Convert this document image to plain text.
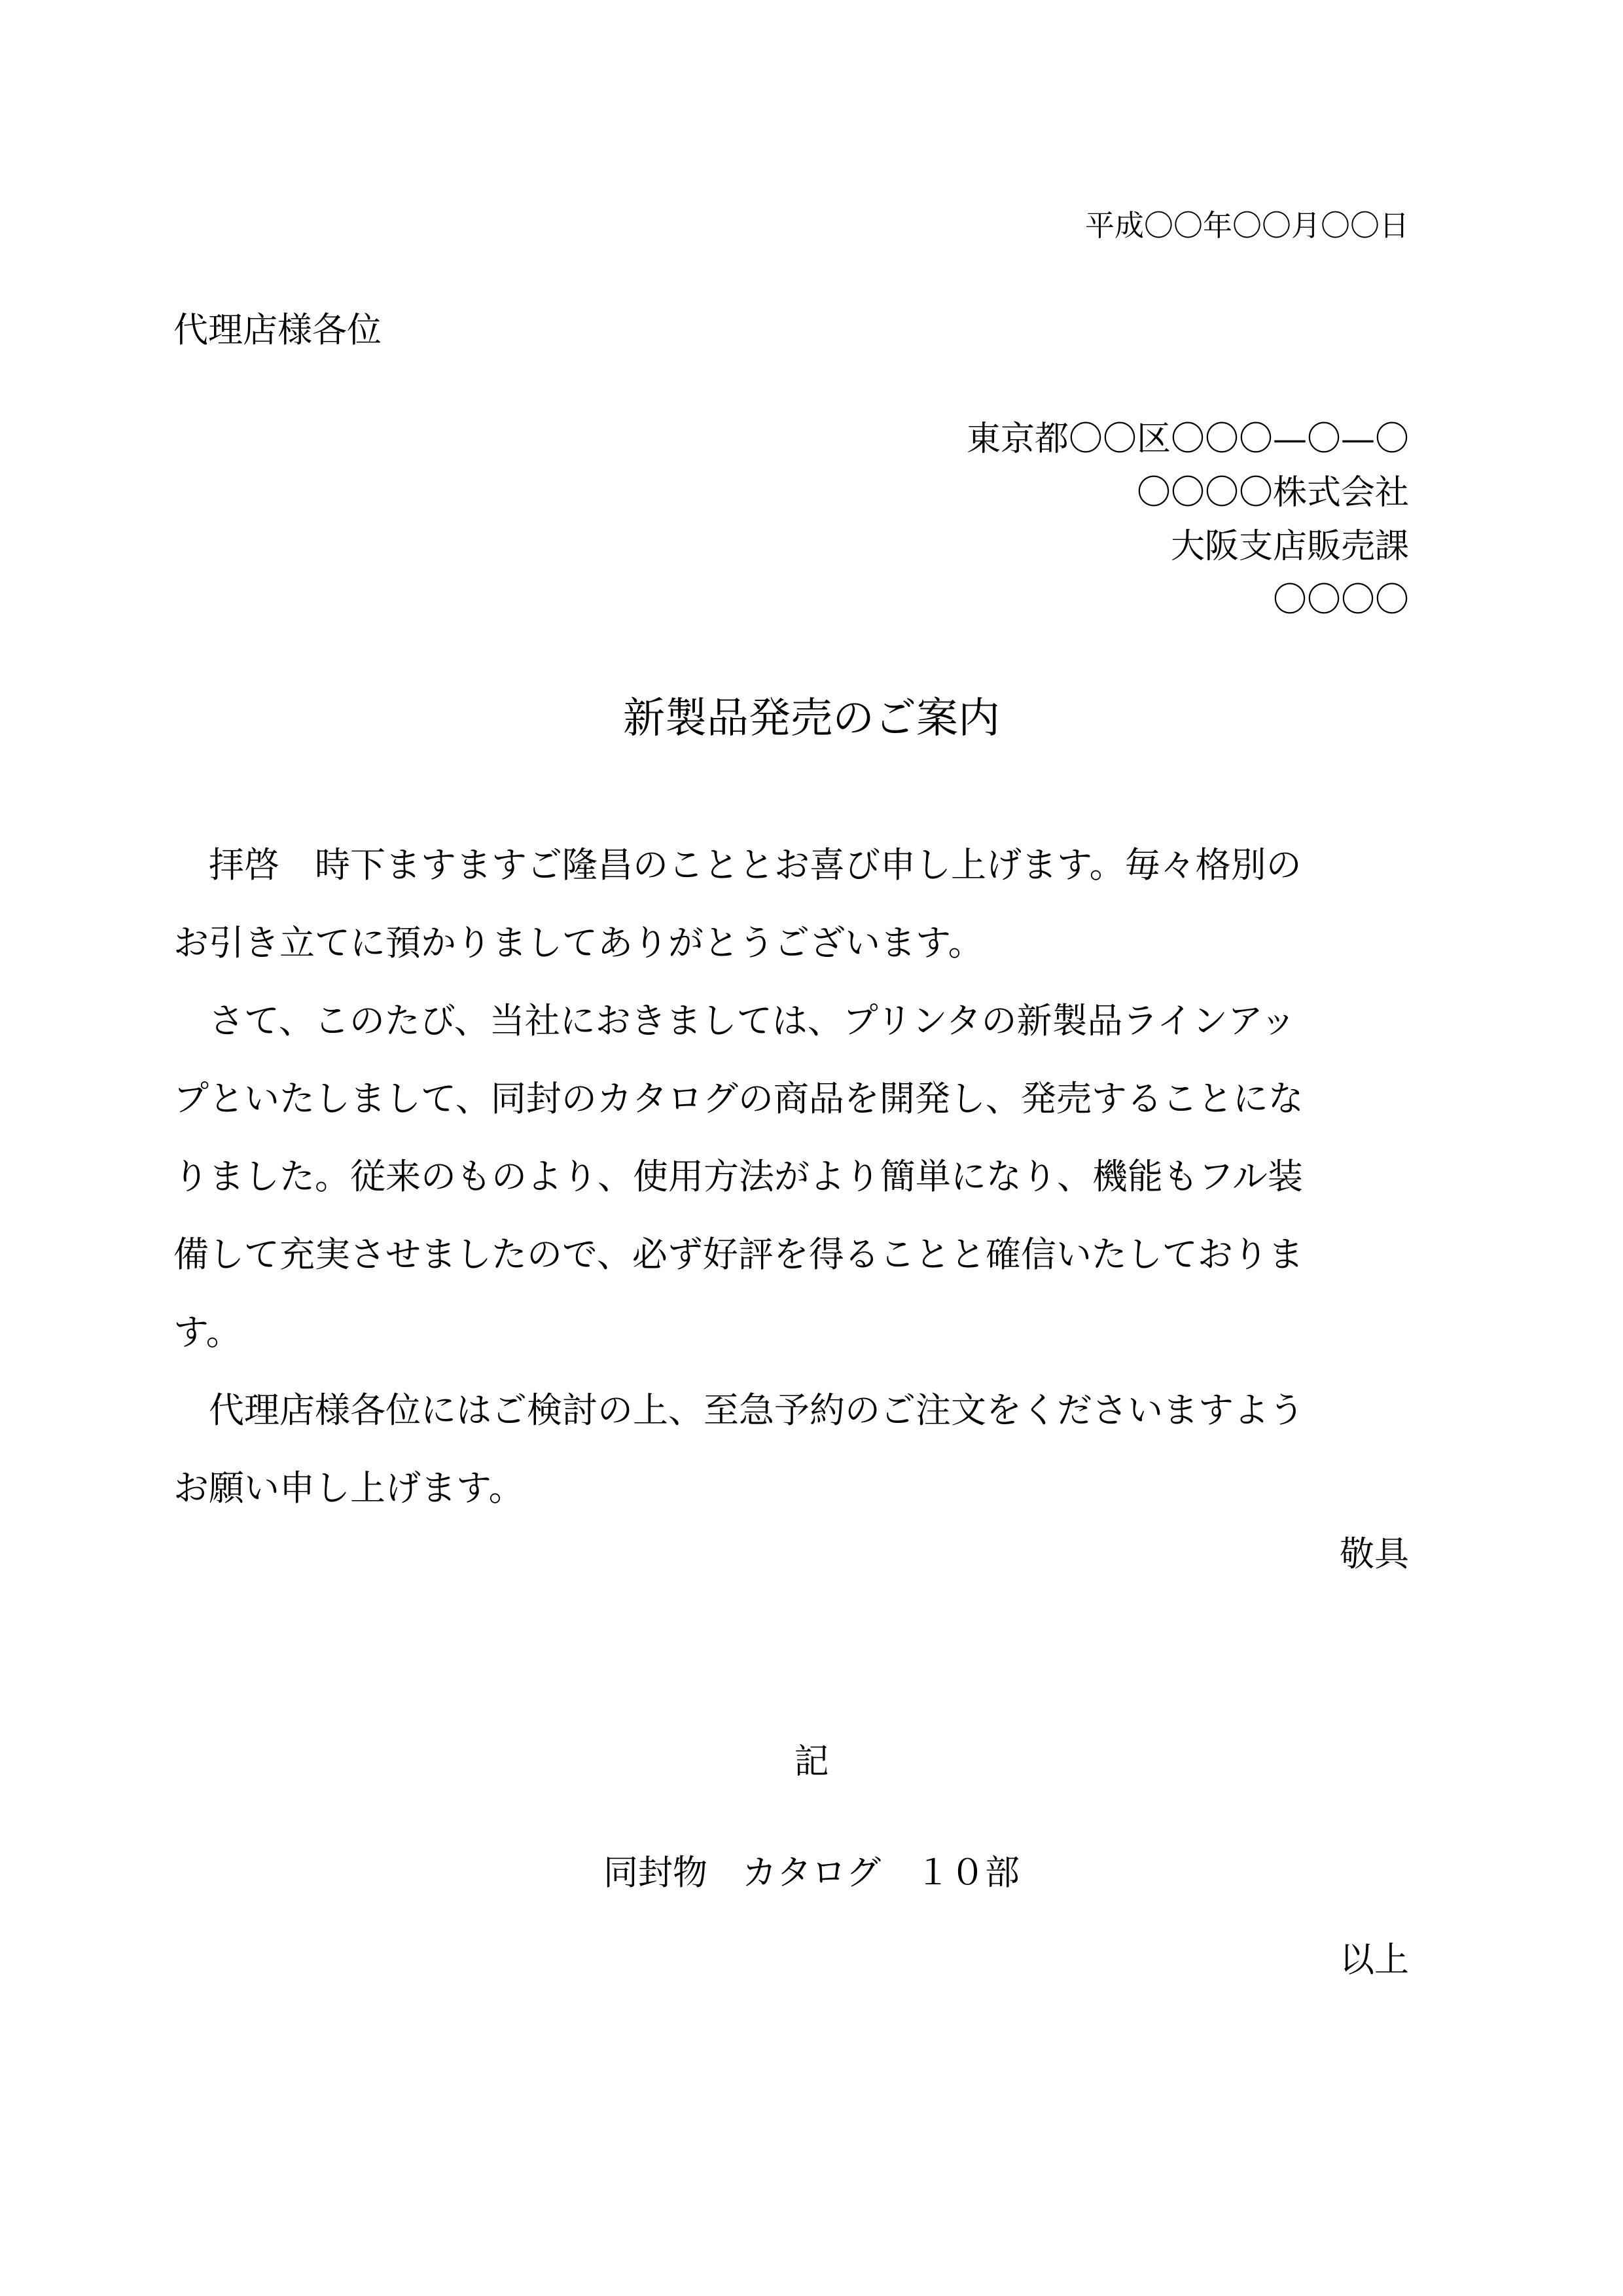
平成〇〇年〇〇月〇〇日
代理店様各位
東京都〇〇区〇〇〇—〇—〇
〇〇〇〇株式会社
大阪支店販売課
〇〇〇〇
新製品発売のご案内
　拝啓　時下ますますご隆昌のこととお喜び申し上げます。毎々格別の
お引き立てに預かりましてありがとうございます。
　さて、このたび、当社におきましては、プリンタの新製品ラインアッ
プといたしまして、同封のカタログの商品を開発し、発売することにな
りました。従来のものより、使用方法がより簡単になり、機能もフル装
備して充実させましたので、必ず好評を得ることと確信いたしておりま
す。
　代理店様各位にはご検討の上、至急予約のご注文をくださいますよう
お願い申し上げます。
敬具
記
同封物　カタログ　１０部
以上
